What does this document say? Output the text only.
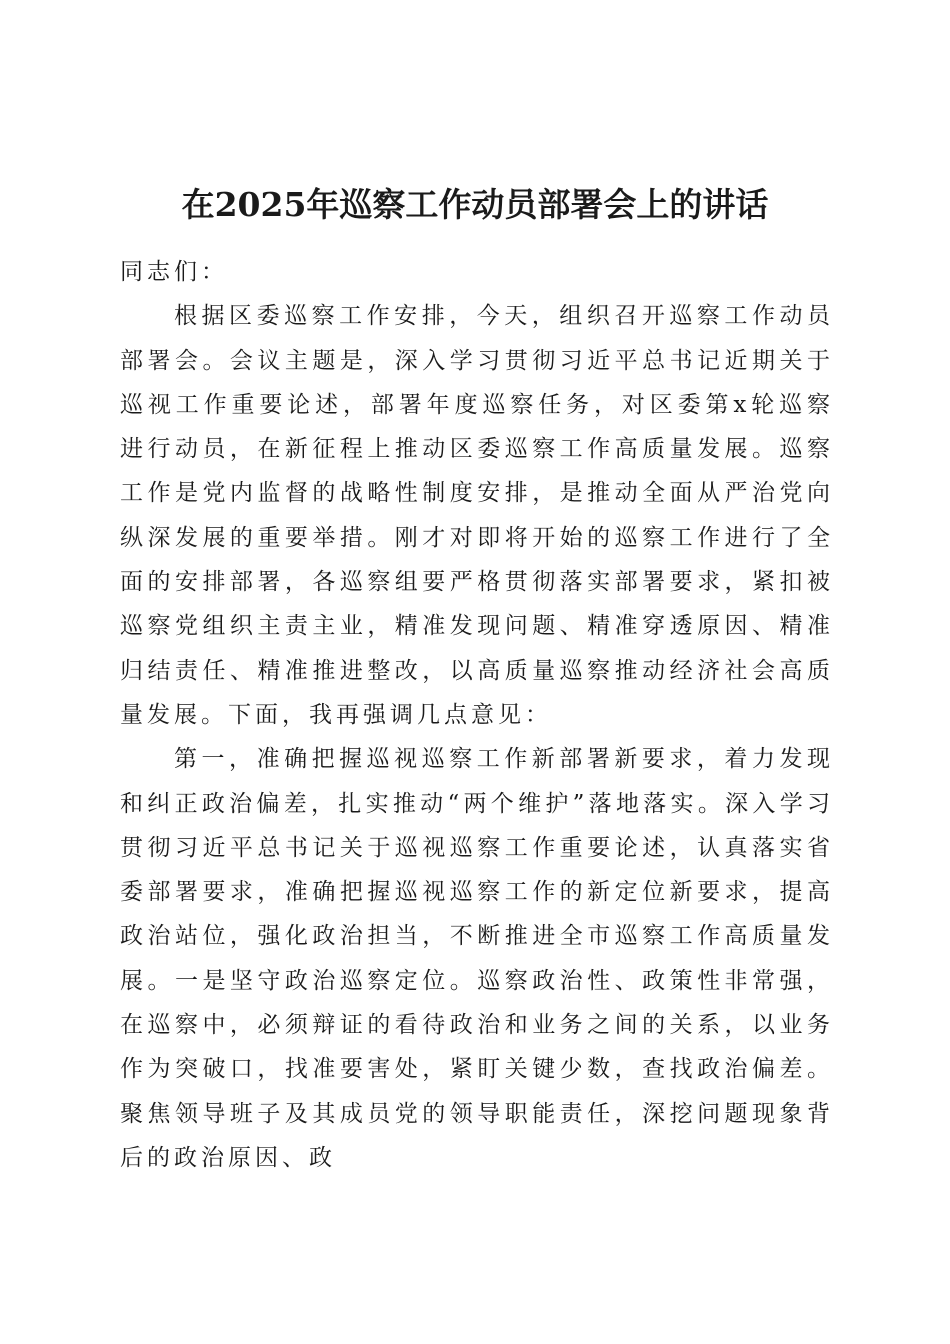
在2025年巡察工作动员部署会上的讲话

同志们：

根据区委巡察工作安排，今天，组织召开巡察工作动员部署会。会议主题是，深入学习贯彻习近平总书记近期关于巡视工作重要论述，部署年度巡察任务，对区委第x轮巡察进行动员，在新征程上推动区委巡察工作高质量发展。巡察工作是党内监督的战略性制度安排，是推动全面从严治党向纵深发展的重要举措。刚才对即将开始的巡察工作进行了全面的安排部署，各巡察组要严格贯彻落实部署要求，紧扣被巡察党组织主责主业，精准发现问题、精准穿透原因、精准归结责任、精准推进整改，以高质量巡察推动经济社会高质量发展。下面，我再强调几点意见：

第一，准确把握巡视巡察工作新部署新要求，着力发现和纠正政治偏差，扎实推动“两个维护”落地落实。深入学习贯彻习近平总书记关于巡视巡察工作重要论述，认真落实省委部署要求，准确把握巡视巡察工作的新定位新要求，提高政治站位，强化政治担当，不断推进全市巡察工作高质量发展。一是坚守政治巡察定位。巡察政治性、政策性非常强，在巡察中，必须辩证的看待政治和业务之间的关系，以业务作为突破口，找准要害处，紧盯关键少数，查找政治偏差。聚焦领导班子及其成员党的领导职能责任，深挖问题现象背后的政治原因、政
